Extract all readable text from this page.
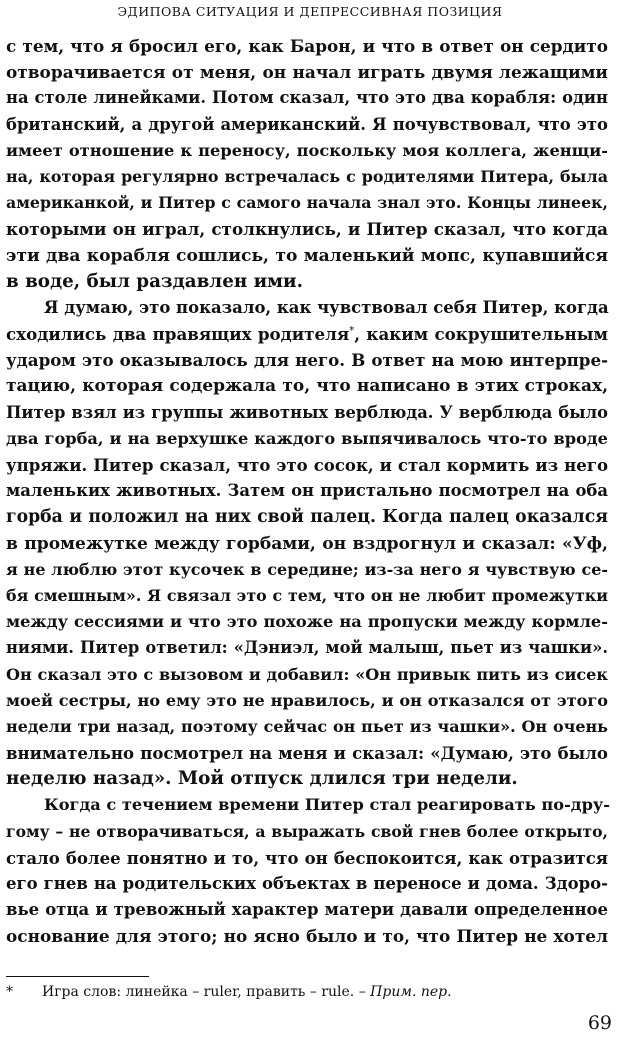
ЭДИПОВА СИТУАЦИЯ И ДЕПРЕССИВНАЯ ПОЗИЦИЯ
с тем, что я бросил его, как Барон, и что в ответ он сердито
отворачивается от меня, он начал играть двумя лежащими
на столе линейками. Потом сказал, что это два корабля: один
британский, а другой американский. Я почувствовал, что это
имеет отношение к переносу, поскольку моя коллега, женщи-
на, которая регулярно встречалась с родителями Питера, была
американкой, и Питер с самого начала знал это. Концы линеек,
которыми он играл, столкнулись, и Питер сказал, что когда
эти два корабля сошлись, то маленький мопс, купавшийся
в воде, был раздавлен ими.
Я думаю, это показало, как чувствовал себя Питер, когда
сходились два правящих родителя*, каким сокрушительным
ударом это оказывалось для него. В ответ на мою интерпре-
тацию, которая содержала то, что написано в этих строках,
Питер взял из группы животных верблюда. У верблюда было
два горба, и на верхушке каждого выпячивалось что-то вроде
упряжи. Питер сказал, что это сосок, и стал кормить из него
маленьких животных. Затем он пристально посмотрел на оба
горба и положил на них свой палец. Когда палец оказался
в промежутке между горбами, он вздрогнул и сказал: «Уф,
я не люблю этот кусочек в середине; из-за него я чувствую се-
бя смешным». Я связал это с тем, что он не любит промежутки
между сессиями и что это похоже на пропуски между кормле-
ниями. Питер ответил: «Дэниэл, мой малыш, пьет из чашки».
Он сказал это с вызовом и добавил: «Он привык пить из сисек
моей сестры, но ему это не нравилось, и он отказался от этого
недели три назад, поэтому сейчас он пьет из чашки». Он очень
внимательно посмотрел на меня и сказал: «Думаю, это было
неделю назад». Мой отпуск длился три недели.
Когда с течением времени Питер стал реагировать по-дру-
гому – не отворачиваться, а выражать свой гнев более открыто,
стало более понятно и то, что он беспокоится, как отразится
его гнев на родительских объектах в переносе и дома. Здоро-
вье отца и тревожный характер матери давали определенное
основание для этого; но ясно было и то, что Питер не хотел
* Игра слов: линейка – ruler, править – rule. – Прим. пер.
69
